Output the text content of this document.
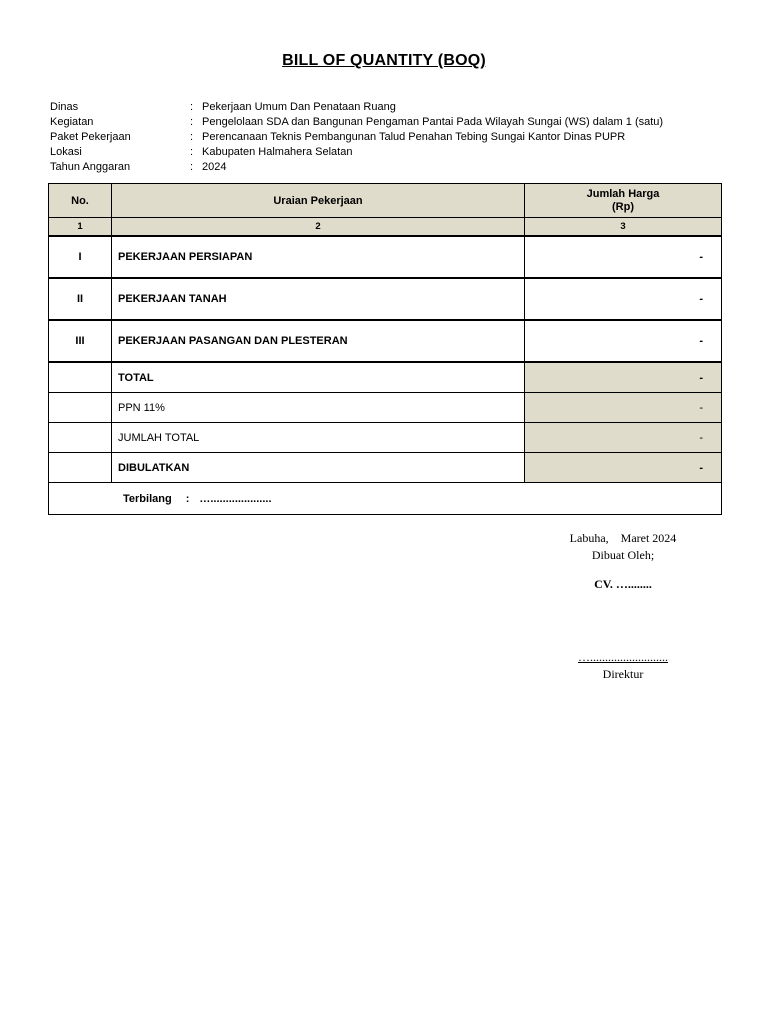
BILL OF QUANTITY (BOQ)
Dinas	: Pekerjaan Umum Dan Penataan Ruang
Kegiatan	: Pengelolaan SDA dan Bangunan Pengaman Pantai Pada Wilayah Sungai (WS) dalam 1 (satu)
Paket Pekerjaan	: Perencanaan Teknis Pembangunan Talud Penahan Tebing Sungai Kantor Dinas PUPR
Lokasi	: Kabupaten Halmahera Selatan
Tahun Anggaran	: 2024
No.	Uraian Pekerjaan	Jumlah Harga
(Rp)

1	2	3
I	PEKERJAAN PERSIAPAN	-
II	PEKERJAAN TANAH	-
III	PEKERJAAN PASANGAN DAN PLESTERAN	-
	TOTAL	-
	PPN 11%	-
	JUMLAH TOTAL	-
	DIBULATKAN	-
Terbilang : …....................		
Labuha,    Maret 2024
Dibuat Oleh;
CV. …........
…..........................
Direktur
